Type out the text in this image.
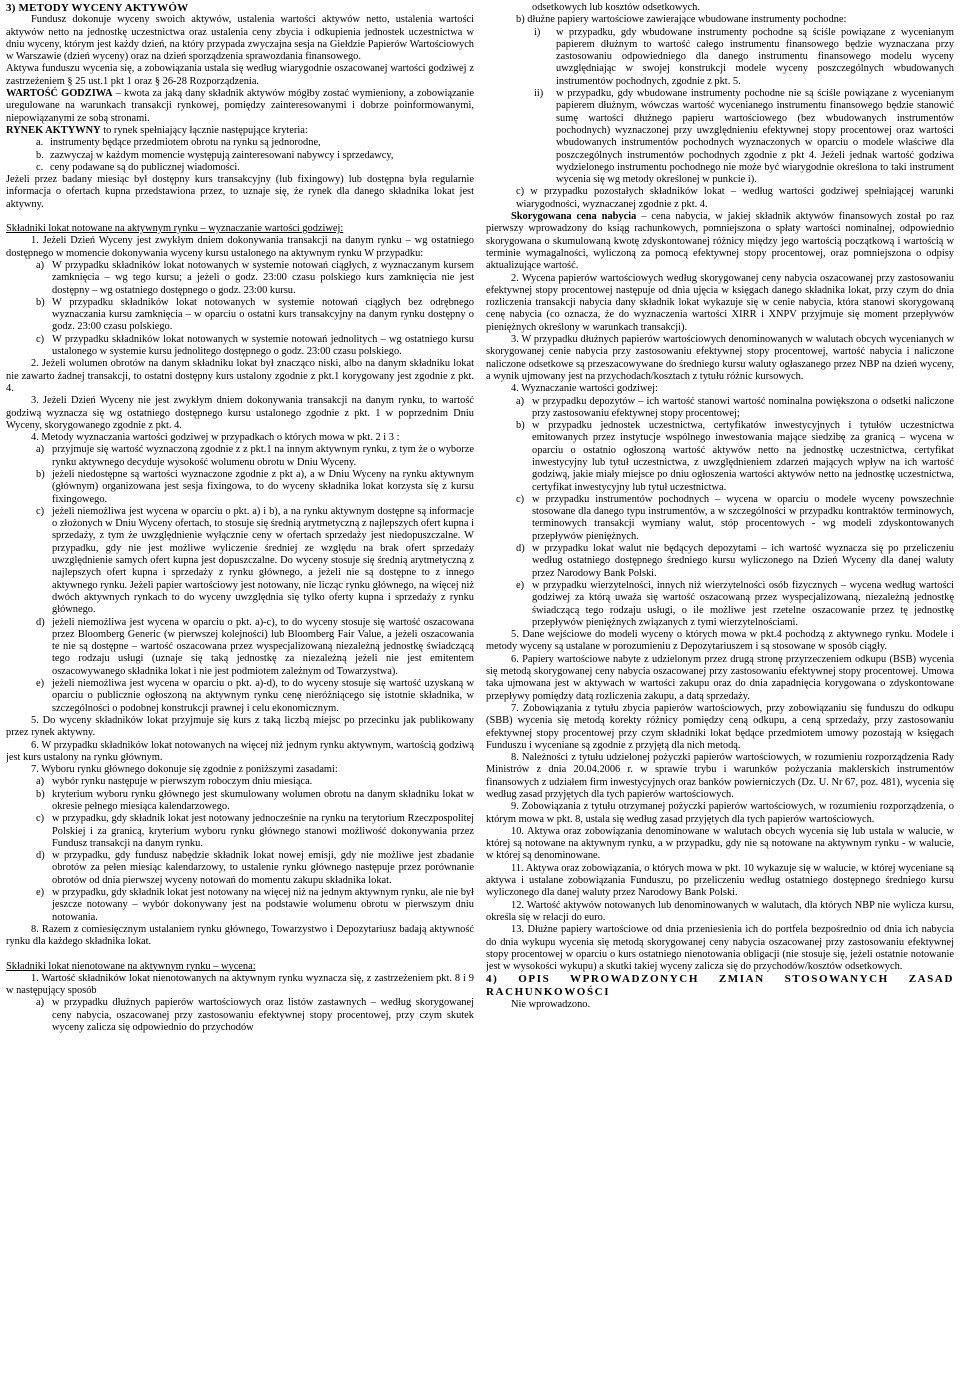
3) METODY WYCENY AKTYWÓW

Fundusz dokonuje wyceny swoich aktywów, ustalenia wartości aktywów netto, ustalenia wartości aktywów netto na jednostkę uczestnictwa oraz ustalenia ceny zbycia i odkupienia jednostek uczestnictwa w dniu wyceny, którym jest każdy dzień, na który przypada zwyczajna sesja na Giełdzie Papierów Wartościowych w Warszawie (dzień wyceny) oraz na dzień sporządzenia sprawozdania finansowego.

Aktywa funduszu wycenia się, a zobowiązania ustala się według wiarygodnie oszacowanej wartości godziwej z zastrzeżeniem § 25 ust.1 pkt 1 oraz § 26-28 Rozporządzenia.

WARTOŚĆ GODZIWA – kwota za jaką dany składnik aktywów mógłby zostać wymieniony, a zobowiązanie uregulowane na warunkach transakcji rynkowej, pomiędzy zainteresowanymi i dobrze poinformowanymi, niepowiązanymi ze sobą stronami.

RYNEK AKTYWNY to rynek spełniający łącznie następujące kryteria:

a. instrumenty będące przedmiotem obrotu na rynku są jednorodne,
b. zazwyczaj w każdym momencie występują zainteresowani nabywcy i sprzedawcy,
c. ceny podawane są do publicznej wiadomości.

Jeżeli przez badany miesiąc był dostępny kurs transakcyjny (lub fixingowy) lub dostępna była regularnie informacja o ofertach kupna przedstawiona przez, to uznaje się, że rynek dla danego składnika lokat jest aktywny.

Składniki lokat notowane na aktywnym rynku – wyznaczanie wartości godziwej:

1. Jeżeli Dzień Wyceny jest zwykłym dniem dokonywania transakcji na danym rynku – wg ostatniego dostępnego w momencie dokonywania wyceny kursu ustalonego na aktywnym rynku W przypadku:

a) W przypadku składników lokat notowanych w systemie notowań ciągłych, z wyznaczanym kursem zamknięcia – wg tego kursu; a jeżeli o godz. 23:00 czasu polskiego kurs zamknięcia nie jest dostępny – wg ostatniego dostępnego o godz. 23:00 kursu.
b) W przypadku składników lokat notowanych w systemie notowań ciągłych bez odrębnego wyznaczania kursu zamknięcia – w oparciu o ostatni kurs transakcyjny na danym rynku dostępny o godz. 23:00 czasu polskiego.
c) W przypadku składników lokat notowanych w systemie notowań jednolitych – wg ostatniego kursu ustalonego w systemie kursu jednolitego dostępnego o godz. 23:00 czasu polskiego.

2. Jeżeli wolumen obrotów na danym składniku lokat był znacząco niski, albo na danym składniku lokat nie zawarto żadnej transakcji, to ostatni dostępny kurs ustalony zgodnie z pkt.1 korygowany jest zgodnie z pkt. 4.

3. Jeżeli Dzień Wyceny nie jest zwykłym dniem dokonywania transakcji na danym rynku, to wartość godziwą wyznacza się wg ostatniego dostępnego kursu ustalonego zgodnie z pkt. 1 w poprzednim Dniu Wyceny, skorygowanego zgodnie z pkt. 4.

4. Metody wyznaczania wartości godziwej w przypadkach o których mowa w pkt. 2 i 3 :

a) przyjmuje się wartość wyznaczoną zgodnie z z pkt.1 na innym aktywnym rynku, z tym że o wyborze rynku aktywnego decyduje wysokość wolumenu obrotu w Dniu Wyceny.
b) jeżeli niedostępne są wartości wyznaczone zgodnie z pkt a), a w Dniu Wyceny na rynku aktywnym (głównym) organizowana jest sesja fixingowa, to do wyceny składnika lokat korzysta się z kursu fixingowego.
c) jeżeli niemożliwa jest wycena w oparciu o pkt. a) i b), a na rynku aktywnym dostępne są informacje o złożonych w Dniu Wyceny ofertach, to stosuje się średnią arytmetyczną z najlepszych ofert kupna i sprzedaży, z tym że uwzględnienie wyłącznie ceny w ofertach sprzedaży jest niedopuszczalne. W przypadku, gdy nie jest możliwe wyliczenie średniej ze względu na brak ofert sprzedaży uwzględnienie samych ofert kupna jest dopuszczalne. Do wyceny stosuje się średnią arytmetyczną z najlepszych ofert kupna i sprzedaży z rynku głównego, a jeżeli nie są dostępne to z innego aktywnego rynku. Jeżeli papier wartościowy jest notowany, nie licząc rynku głównego, na więcej niż dwóch aktywnych rynkach to do wyceny uwzględnia się tylko oferty kupna i sprzedaży z rynku głównego.
d) jeżeli niemożliwa jest wycena w oparciu o pkt. a)-c), to do wyceny stosuje się wartość oszacowana przez Bloomberg Generic (w pierwszej kolejności) lub Bloomberg Fair Value, a jeżeli oszacowania te nie są dostępne – wartość oszacowana przez wyspecjalizowaną niezależną jednostkę świadczącą tego rodzaju usługi (uznaje się taką jednostkę za niezależną jeżeli nie jest emitentem oszacowywanego składnika lokat i nie jest podmiotem zależnym od Towarzystwa).
e) jeżeli niemożliwa jest wycena w oparciu o pkt. a)-d), to do wyceny stosuje się wartość uzyskaną w oparciu o publicznie ogłoszoną na aktywnym rynku cenę nieróżniącego się istotnie składnika, w szczególności o podobnej konstrukcji prawnej i celu ekonomicznym.

5. Do wyceny składników lokat przyjmuje się kurs z taką liczbą miejsc po przecinku jak publikowany przez rynek aktywny.

6. W przypadku składników lokat notowanych na więcej niż jednym rynku aktywnym, wartością godziwą jest kurs ustalony na rynku głównym.

7. Wyboru rynku głównego dokonuje się zgodnie z poniższymi zasadami:

a) wybór rynku następuje w pierwszym roboczym dniu miesiąca.
b) kryterium wyboru rynku głównego jest skumulowany wolumen obrotu na danym składniku lokat w okresie pełnego miesiąca kalendarzowego.
c) w przypadku, gdy składnik lokat jest notowany jednocześnie na rynku na terytorium Rzeczpospolitej Polskiej i za granicą, kryterium wyboru rynku głównego stanowi możliwość dokonywania przez Fundusz transakcji na danym rynku.
d) w przypadku, gdy fundusz nabędzie składnik lokat nowej emisji, gdy nie możliwe jest zbadanie obrotów za pełen miesiąc kalendarzowy, to ustalenie rynku głównego następuje przez porównanie obrotów od dnia pierwszej wyceny notowań do momentu zakupu składnika lokat.
e) w przypadku, gdy składnik lokat jest notowany na więcej niż na jednym aktywnym rynku, ale nie był jeszcze notowany – wybór dokonywany jest na podstawie wolumenu obrotu w pierwszym dniu notowania.

8. Razem z comiesięcznym ustalaniem rynku głównego, Towarzystwo i Depozytariusz badają aktywność rynku dla każdego składnika lokat.

Składniki lokat nienotowane na aktywnym rynku – wycena:

1. Wartość składników lokat nienotowanych na aktywnym rynku wyznacza się, z zastrzeżeniem pkt. 8 i 9 w następujący sposób

a) w przypadku dłużnych papierów wartościowych oraz listów zastawnych – według skorygowanej ceny nabycia, oszacowanej przy zastosowaniu efektywnej stopy procentowej, przy czym skutek wyceny zalicza się odpowiednio do przychodów
odsetkowych lub kosztów odsetkowych.

b) dłużne papiery wartościowe zawierające wbudowane instrumenty pochodne:

i)	w przypadku, gdy wbudowane instrumenty pochodne są ściśle powiązane z wycenianym papierem dłużnym to wartość całego instrumentu finansowego będzie wyznaczana przy zastosowaniu odpowiedniego dla danego instrumentu finansowego modelu wyceny uwzględniając w swojej konstrukcji modele wyceny poszczególnych wbudowanych instrumentów pochodnych, zgodnie z pkt. 5.
ii)	w przypadku, gdy wbudowane instrumenty pochodne nie są ściśle powiązane z wycenianym papierem dłużnym, wówczas wartość wycenianego instrumentu finansowego będzie stanowić sumę wartości dłużnego papieru wartościowego (bez wbudowanych instrumentów pochodnych) wyznaczonej przy uwzględnieniu efektywnej stopy procentowej oraz wartości wbudowanych instrumentów pochodnych wyznaczonych w oparciu o modele właściwe dla poszczególnych instrumentów pochodnych zgodnie z pkt 4. Jeżeli jednak wartość godziwa wydzielonego instrumentu pochodnego nie może być wiarygodnie określona to taki instrument wycenia się wg metody określonej w punkcie i).

c) w przypadku pozostałych składników lokat – według wartości godziwej spełniającej warunki wiarygodności, wyznaczanej zgodnie z pkt. 4.

Skorygowana cena nabycia – cena nabycia, w jakiej składnik aktywów finansowych został po raz pierwszy wprowadzony do ksiąg rachunkowych, pomniejszona o spłaty wartości nominalnej, odpowiednio skorygowana o skumulowaną kwotę zdyskontowanej różnicy między jego wartością początkową i wartością w terminie wymagalności, wyliczoną za pomocą efektywnej stopy procentowej, oraz pomniejszona o odpisy aktualizujące wartość.

2. Wycena papierów wartościowych według skorygowanej ceny nabycia oszacowanej przy zastosowaniu efektywnej stopy procentowej następuje od dnia ujęcia w księgach danego składnika lokat, przy czym do dnia rozliczenia transakcji nabycia dany składnik lokat wykazuje się w cenie nabycia, która stanowi skorygowaną cenę nabycia (co oznacza, że do wyznaczenia wartości XIRR i XNPV przyjmuje się moment przepływów pieniężnych określony w warunkach transakcji).

3. W przypadku dłużnych papierów wartościowych denominowanych w walutach obcych wycenianych w skorygowanej cenie nabycia przy zastosowaniu efektywnej stopy procentowej, wartość nabycia i naliczone naliczone odsetkowe są przeszacowywane do średniego kursu waluty ogłaszanego przez NBP na dzień wyceny, a wynik ujmowany jest na przychodach/kosztach z tytułu różnic kursowych.

4. Wyznaczanie wartości godziwej:

a) w przypadku depozytów – ich wartość stanowi wartość nominalna powiększona o odsetki naliczone przy zastosowaniu efektywnej stopy procentowej;
b) w przypadku jednostek uczestnictwa, certyfikatów inwestycyjnych i tytułów uczestnictwa emitowanych przez instytucje wspólnego inwestowania mające siedzibę za granicą – wycena w oparciu o ostatnio ogłoszoną wartość aktywów netto na jednostkę uczestnictwa, certyfikat inwestycyjny lub tytuł uczestnictwa, z uwzględnieniem zdarzeń mających wpływ na ich wartość godziwą, jakie miały miejsce po dniu ogłoszenia wartości aktywów netto na jednostkę uczestnictwa, certyfikat inwestycyjny lub tytuł uczestnictwa.
c) w przypadku instrumentów pochodnych – wycena w oparciu o modele wyceny powszechnie stosowane dla danego typu instrumentów, a w szczególności w przypadku kontraktów terminowych, terminowych transakcji wymiany walut, stóp procentowych - wg modeli zdyskontowanych przepływów pieniężnych.
d) w przypadku lokat walut nie będących depozytami – ich wartość wyznacza się po przeliczeniu według ostatniego dostępnego średniego kursu wyliczonego na Dzień Wyceny dla danej waluty przez Narodowy Bank Polski.
e) w przypadku wierzytelności, innych niż wierzytelności osób fizycznych – wycena według wartości godziwej za którą uważa się wartość oszacowaną przez wyspecjalizowaną, niezależną jednostkę świadczącą tego rodzaju usługi, o ile możliwe jest rzetelne oszacowanie przez tę jednostkę przepływów pieniężnych związanych z tymi wierzytelnościami.

5. Dane wejściowe do modeli wyceny o których mowa w pkt.4 pochodzą z aktywnego rynku. Modele i metody wyceny są ustalane w porozumieniu z Depozytariuszem i są stosowane w sposób ciągły.

6. Papiery wartościowe nabyte z udzielonym przez drugą stronę przyrzeczeniem odkupu (BSB) wycenia się metodą skorygowanej ceny nabycia oszacowanej przy zastosowaniu efektywnej stopy procentowej. Umowa taka ujmowana jest w aktywach w wartości zakupu oraz do dnia zapadnięcia korygowana o zdyskontowane przepływy pomiędzy datą rozliczenia zakupu, a datą sprzedaży.

7. Zobowiązania z tytułu zbycia papierów wartościowych, przy zobowiązaniu się funduszu do odkupu (SBB) wycenia się metodą korekty różnicy pomiędzy ceną odkupu, a ceną sprzedaży, przy zastosowaniu efektywnej stopy procentowej przy czym składniki lokat będące przedmiotem umowy pozostają w księgach Funduszu i wyceniane są zgodnie z przyjętą dla nich metodą.

8. Należności z tytułu udzielonej pożyczki papierów wartościowych, w rozumieniu rozporządzenia Rady Ministrów z dnia 20.04.2006 r. w sprawie trybu i warunków pożyczania maklerskich instrumentów finansowych z udziałem firm inwestycyjnych oraz banków powierniczych (Dz. U. Nr 67, poz. 481), wycenia się według zasad przyjętych dla tych papierów wartościowych.

9. Zobowiązania z tytułu otrzymanej pożyczki papierów wartościowych, w rozumieniu rozporządzenia, o którym mowa w pkt. 8, ustala się według zasad przyjętych dla tych papierów wartościowych.

10. Aktywa oraz zobowiązania denominowane w walutach obcych wycenia się lub ustala w walucie, w której są notowane na aktywnym rynku, a w przypadku, gdy nie są notowane na aktywnym rynku - w walucie, w której są denominowane.

11. Aktywa oraz zobowiązania, o których mowa w pkt. 10 wykazuje się w walucie, w której wyceniane są aktywa i ustalane zobowiązania Funduszu, po przeliczeniu według ostatniego dostępnego średniego kursu wyliczonego dla danej waluty przez Narodowy Bank Polski.

12. Wartość aktywów notowanych lub denominowanych w walutach, dla których NBP nie wylicza kursu, określa się w relacji do euro.

13. Dłużne papiery wartościowe od dnia przeniesienia ich do portfela bezpośrednio od dnia ich nabycia do dnia wykupu wycenia się metodą skorygowanej ceny nabycia oszacowanej przy zastosowaniu efektywnej stopy procentowej w oparciu o kurs ostatniego nienotowania obligacji (nie stosuje się, jeżeli ostatnie notowanie jest w wysokości wykupu) a skutki takiej wyceny zalicza się do przychodów/kosztów odsetkowych.

4) OPIS WPROWADZONYCH ZMIAN STOSOWANYCH ZASAD RACHUNKOWOŚCI

Nie wprowadzono.
